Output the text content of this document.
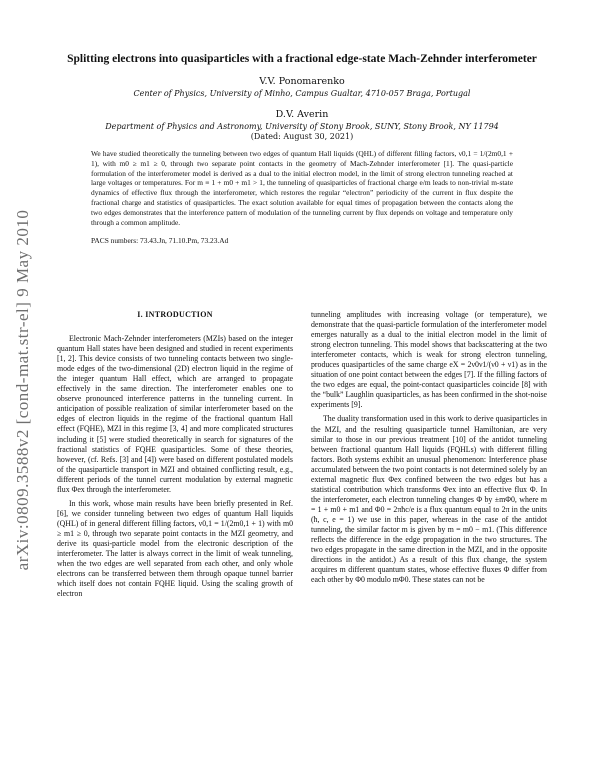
arXiv:0809.3588v2 [cond-mat.str-el] 9 May 2010
Splitting electrons into quasiparticles with a fractional edge-state Mach-Zehnder interferometer

V.V. Ponomarenko

Center of Physics, University of Minho, Campus Gualtar, 4710-057 Braga, Portugal

D.V. Averin

Department of Physics and Astronomy, University of Stony Brook, SUNY, Stony Brook, NY 11794

(Dated: August 30, 2021)

We have studied theoretically the tunneling between two edges of quantum Hall liquids (QHL) of different filling factors, ν0,1 = 1/(2m0,1 + 1), with m0 ≥ m1 ≥ 0, through two separate point contacts in the geometry of Mach-Zehnder interferometer [1]. The quasi-particle formulation of the interferometer model is derived as a dual to the initial electron model, in the limit of strong electron tunneling reached at large voltages or temperatures. For m ≡ 1 + m0 + m1 > 1, the tunneling of quasiparticles of fractional charge e/m leads to non-trivial m-state dynamics of effective flux through the interferometer, which restores the regular “electron” periodicity of the current in flux despite the fractional charge and statistics of quasiparticles. The exact solution available for equal times of propagation between the contacts along the two edges demonstrates that the interference pattern of modulation of the tunneling current by flux depends on voltage and temperature only through a common amplitude.

PACS numbers: 73.43.Jn, 71.10.Pm, 73.23.Ad

I. INTRODUCTION

Electronic Mach-Zehnder interferometers (MZIs) based on the integer quantum Hall states have been designed and studied in recent experiments [1, 2]. This device consists of two tunneling contacts between two single-mode edges of the two-dimensional (2D) electron liquid in the regime of the integer quantum Hall effect, which are arranged to propagate effectively in the same direction. The interferometer enables one to observe pronounced interference patterns in the tunneling current. In anticipation of possible realization of similar interferometer based on the edges of electron liquids in the regime of the fractional quantum Hall effect (FQHE), MZI in this regime [3, 4] and more complicated structures including it [5] were studied theoretically in search for signatures of the fractional statistics of FQHE quasiparticles. Some of these theories, however, (cf. Refs. [3] and [4]) were based on different postulated models of the quasiparticle transport in MZI and obtained conflicting result, e.g., different periods of the tunnel current modulation by external magnetic flux Φex through the interferometer.

In this work, whose main results have been briefly presented in Ref. [6], we consider tunneling between two edges of quantum Hall liquids (QHL) of in general different filling factors, ν0,1 = 1/(2m0,1 + 1) with m0 ≥ m1 ≥ 0, through two separate point contacts in the MZI geometry, and derive its quasi-particle model from the electronic description of the interferometer. The latter is always correct in the limit of weak tunneling, when the two edges are well separated from each other, and only whole electrons can be transferred between them through opaque tunnel barrier which itself does not contain FQHE liquid. Using the scaling growth of electron

tunneling amplitudes with increasing voltage (or temperature), we demonstrate that the quasi-particle formulation of the interferometer model emerges naturally as a dual to the initial electron model in the limit of strong electron tunneling. This model shows that backscattering at the two interferometer contacts, which is weak for strong electron tunneling, produces quasiparticles of the same charge eX = 2ν0ν1/(ν0 + ν1) as in the situation of one point contact between the edges [7]. If the filling factors of the two edges are equal, the point-contact quasiparticles coincide [8] with the “bulk” Laughlin quasiparticles, as has been confirmed in the shot-noise experiments [9].

The duality transformation used in this work to derive quasiparticles in the MZI, and the resulting quasiparticle tunnel Hamiltonian, are very similar to those in our previous treatment [10] of the antidot tunneling between fractional quantum Hall liquids (FQHLs) with different filling factors. Both systems exhibit an unusual phenomenon: Interference phase accumulated between the two point contacts is not determined solely by an external magnetic flux Φex confined between the two edges but has a statistical contribution which transforms Φex into an effective flux Φ. In the interferometer, each electron tunneling changes Φ by ±mΦ0, where m = 1 + m0 + m1 and Φ0 = 2πħc/e is a flux quantum equal to 2π in the units (ħ, c, e = 1) we use in this paper, whereas in the case of the antidot tunneling, the similar factor m is given by m = m0 − m1. (This difference reflects the difference in the edge propagation in the two structures. The two edges propagate in the same direction in the MZI, and in the opposite directions in the antidot.) As a result of this flux change, the system acquires m different quantum states, whose effective fluxes Φ differ from each other by Φ0 modulo mΦ0. These states can not be
